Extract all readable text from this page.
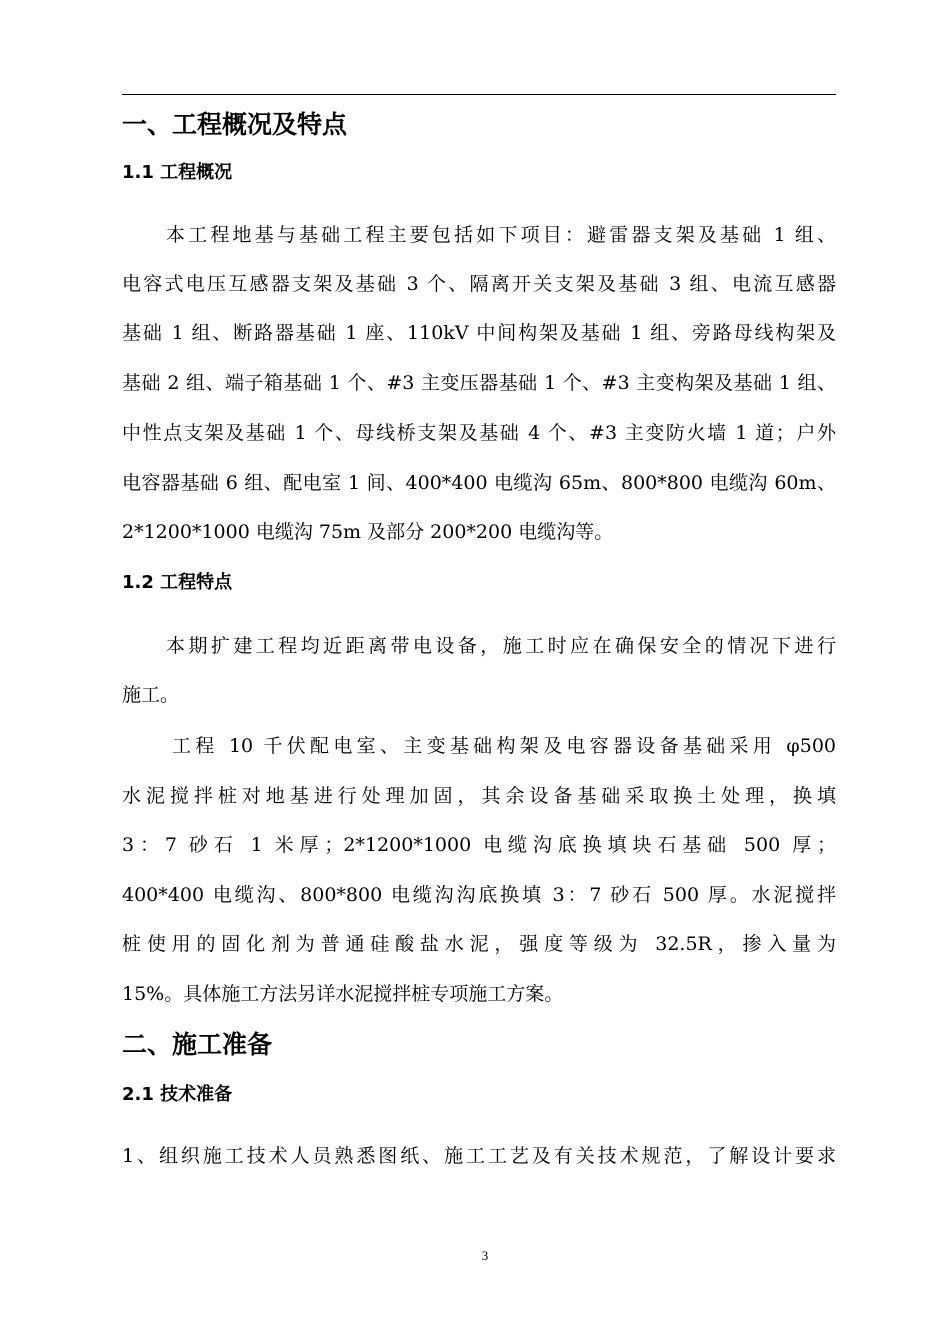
一、工程概况及特点
1.1 工程概况
本工程地基与基础工程主要包括如下项目：避雷器支架及基础 1 组、
电容式电压互感器支架及基础 3 个、隔离开关支架及基础 3 组、电流互感器
基础 1 组、断路器基础 1 座、110kV 中间构架及基础 1 组、旁路母线构架及
基础 2 组、端子箱基础 1 个、#3 主变压器基础 1 个、#3 主变构架及基础 1 组、
中性点支架及基础 1 个、母线桥支架及基础 4 个、#3 主变防火墙 1 道；户外
电容器基础 6 组、配电室 1 间、400*400 电缆沟 65m、800*800 电缆沟 60m、
2*1200*1000 电缆沟 75m 及部分 200*200 电缆沟等。
1.2 工程特点
本期扩建工程均近距离带电设备，施工时应在确保安全的情况下进行
施工。
工程 10 千伏配电室、主变基础构架及电容器设备基础采用 φ500
水泥搅拌桩对地基进行处理加固，其余设备基础采取换土处理，换填
3：7 砂石 1 米厚；2*1200*1000 电缆沟底换填块石基础 500 厚；
400*400 电缆沟、800*800 电缆沟沟底换填 3：7 砂石 500 厚。水泥搅拌
桩使用的固化剂为普通硅酸盐水泥，强度等级为 32.5R，掺入量为
15%。具体施工方法另详水泥搅拌桩专项施工方案。
二、施工准备
2.1 技术准备
1、组织施工技术人员熟悉图纸、施工工艺及有关技术规范，了解设计要求
3
